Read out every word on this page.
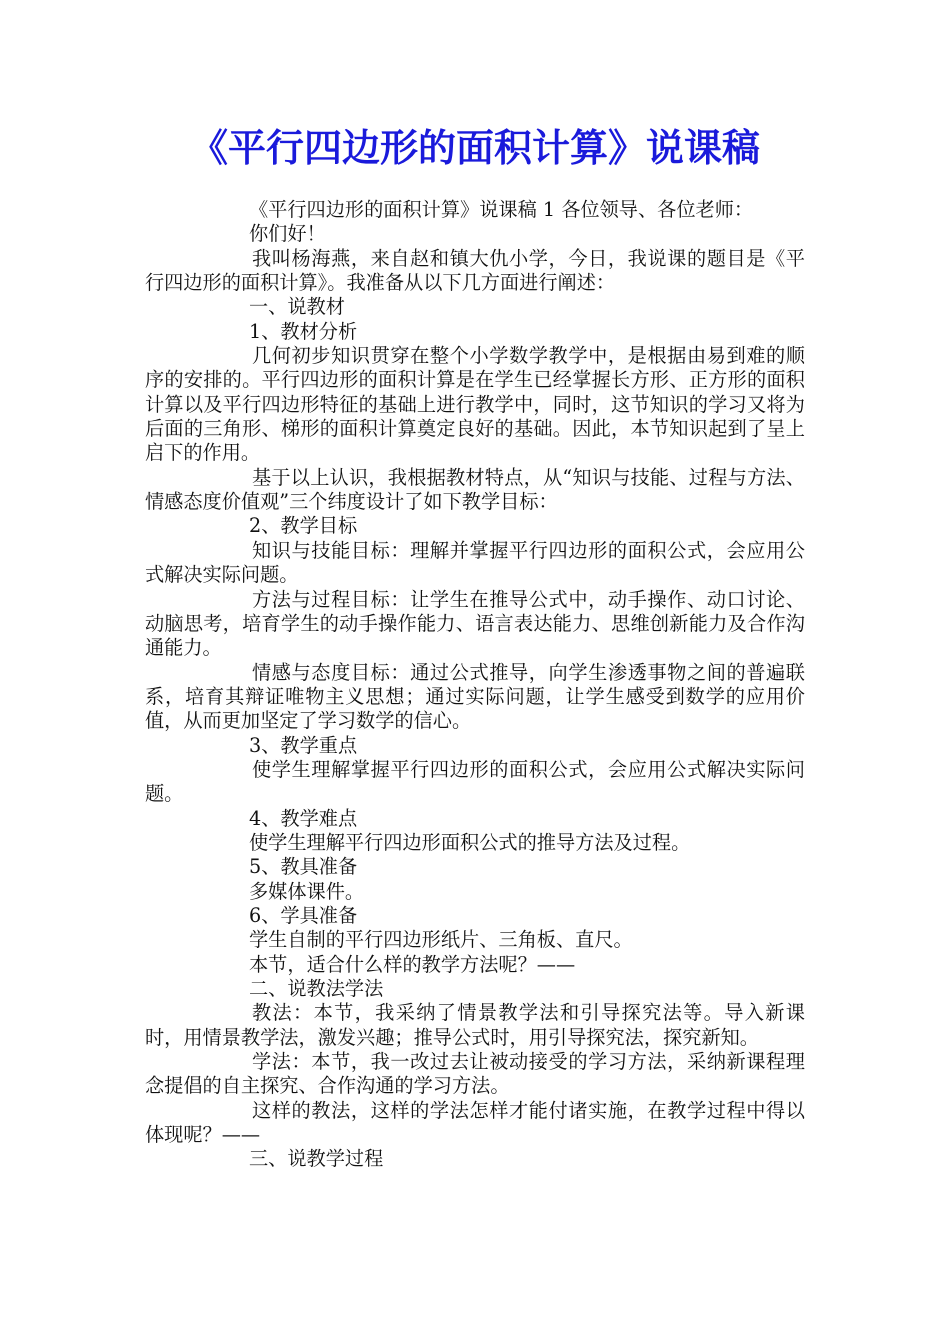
《平行四边形的面积计算》说课稿

《平行四边形的面积计算》说课稿 1 各位领导、各位老师：

你们好！

我叫杨海燕，来自赵和镇大仇小学，今日，我说课的题目是《平行四边形的面积计算》。我准备从以下几方面进行阐述：

一、说教材

1、教材分析

几何初步知识贯穿在整个小学数学教学中，是根据由易到难的顺序的安排的。平行四边形的面积计算是在学生已经掌握长方形、正方形的面积计算以及平行四边形特征的基础上进行教学中，同时，这节知识的学习又将为后面的三角形、梯形的面积计算奠定良好的基础。因此，本节知识起到了呈上启下的作用。

基于以上认识，我根据教材特点，从“知识与技能、过程与方法、情感态度价值观”三个纬度设计了如下教学目标：

2、教学目标

知识与技能目标：理解并掌握平行四边形的面积公式，会应用公式解决实际问题。

方法与过程目标：让学生在推导公式中，动手操作、动口讨论、动脑思考，培育学生的动手操作能力、语言表达能力、思维创新能力及合作沟通能力。

情感与态度目标：通过公式推导，向学生渗透事物之间的普遍联系，培育其辩证唯物主义思想；通过实际问题，让学生感受到数学的应用价值，从而更加坚定了学习数学的信心。

3、教学重点

使学生理解掌握平行四边形的面积公式，会应用公式解决实际问题。

4、教学难点

使学生理解平行四边形面积公式的推导方法及过程。

5、教具准备

多媒体课件。

6、学具准备

学生自制的平行四边形纸片、三角板、直尺。

本节，适合什么样的教学方法呢？——

二、说教法学法

教法：本节，我采纳了情景教学法和引导探究法等。导入新课时，用情景教学法，激发兴趣；推导公式时，用引导探究法，探究新知。

学法：本节，我一改过去让被动接受的学习方法，采纳新课程理念提倡的自主探究、合作沟通的学习方法。

这样的教法，这样的学法怎样才能付诸实施，在教学过程中得以体现呢？——

三、说教学过程
